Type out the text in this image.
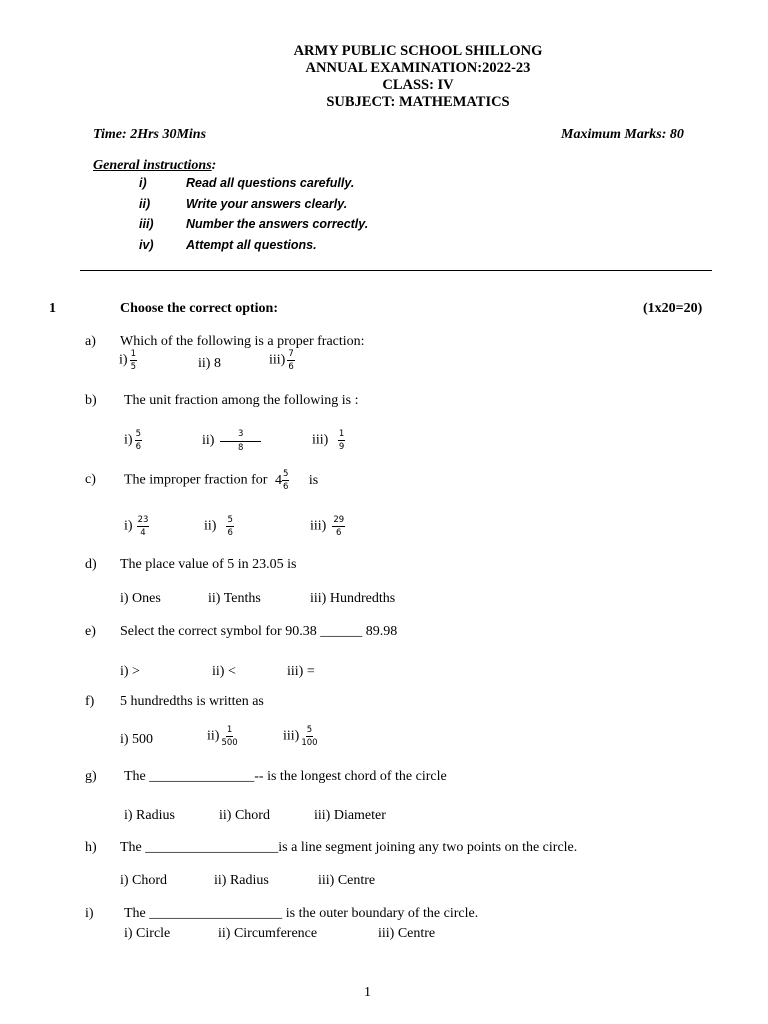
ARMY PUBLIC SCHOOL SHILLONG
ANNUAL EXAMINATION:2022-23
CLASS: IV
SUBJECT: MATHEMATICS
Time: 2Hrs 30Mins	Maximum Marks: 80
General instructions:
i)	Read all questions carefully.
ii)	Write your answers clearly.
iii)	Number the answers correctly.
iv)	Attempt all questions.
1	Choose the correct option:	(1x20=20)
a) Which of the following is a proper fraction:
$i) \frac{1}{5}$	ii) 8	$iii) \frac{7}{6}$
b) The unit fraction among the following is :
$i) \frac{5}{6}$	$ii) \frac{3}{8}$	$iii) \frac{1}{9}$
c) The improper fraction for $4 \frac{5}{6}$ is
$i) \frac{23}{4}$	$ii) \frac{5}{6}$	$iii) \frac{29}{6}$
d) The place value of 5 in 23.05 is
i) Ones	ii) Tenths	iii) Hundredths
e) Select the correct symbol for 90.38 ______ 89.98
i) >	ii) <	iii) =
f) 5 hundredths is written as
i) 500	$ii) \frac{1}{500}$	$iii) \frac{5}{100}$
g) The _______________-- is the longest chord of the circle
i) Radius	ii) Chord	iii) Diameter
h) The ___________________is a line segment joining any two points on the circle.
i) Chord	ii) Radius	iii) Centre
i) The ___________________ is the outer boundary of the circle.
i) Circle	ii) Circumference	iii) Centre
1
